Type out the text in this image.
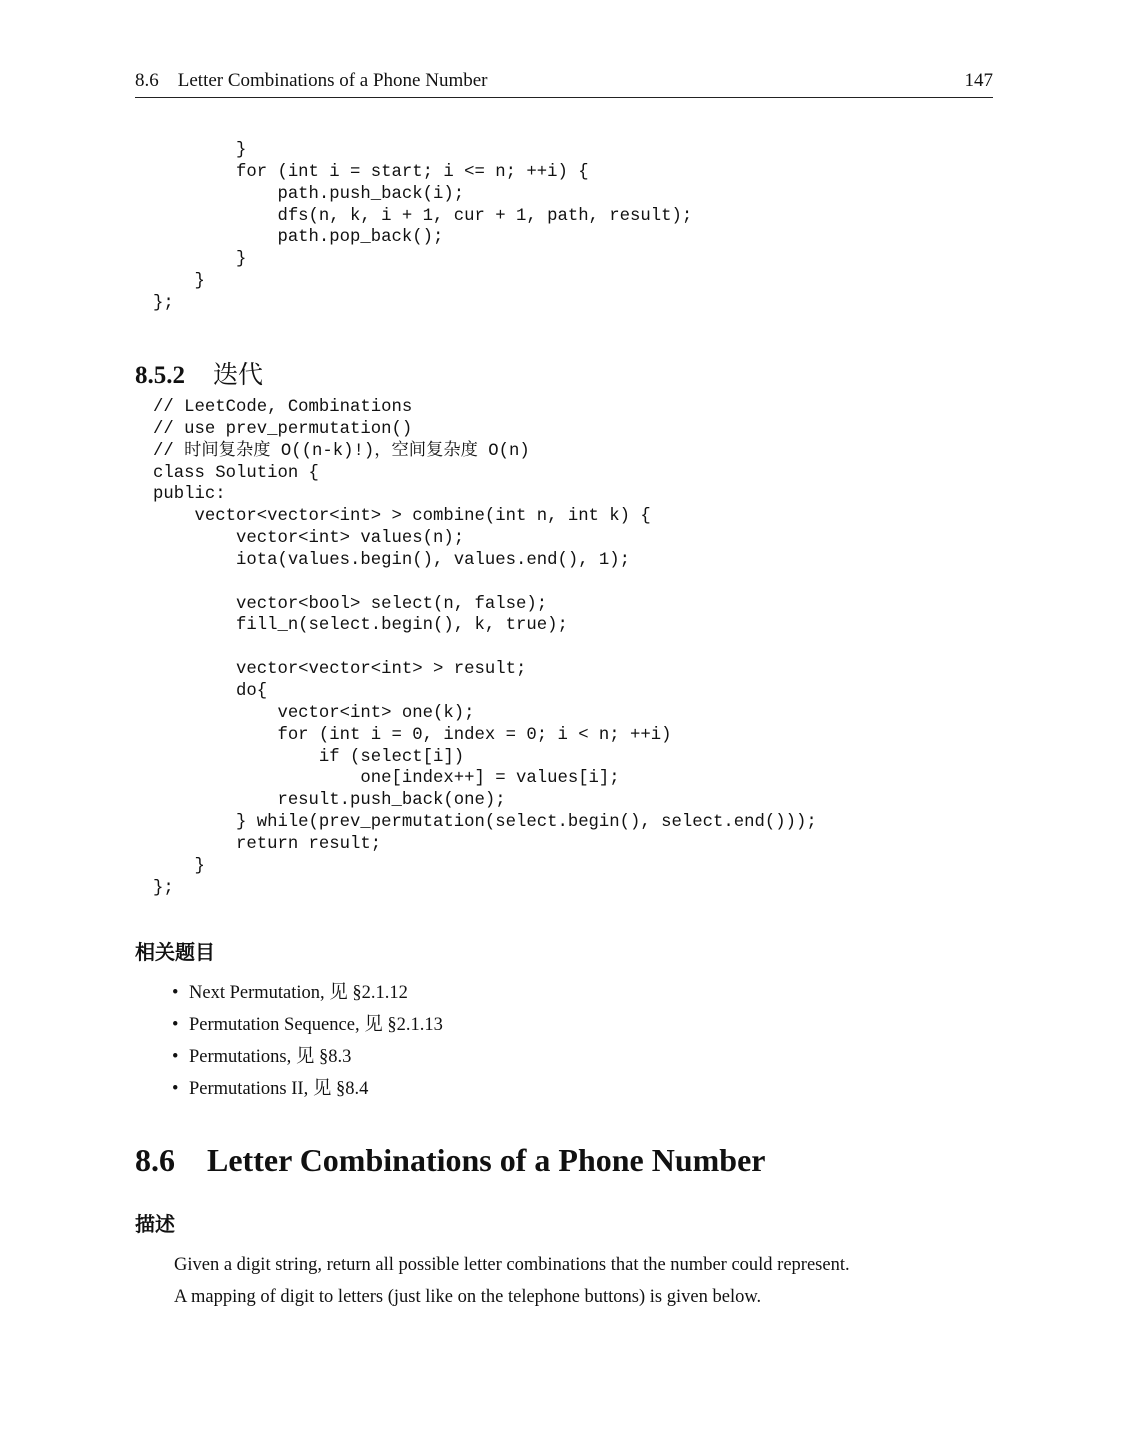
8.6    Letter Combinations of a Phone Number	147
}
for (int i = start; i <= n; ++i) {
path.push_back(i);
dfs(n, k, i + 1, cur + 1, path, result);
path.pop_back();
}
}
};
8.5.2 迭代
// LeetCode, Combinations
// use prev_permutation()
// 时间复杂度 O((n-k)!)，空间复杂度 O(n)
class Solution {
public:
vector<vector<int> > combine(int n, int k) {
vector<int> values(n);
iota(values.begin(), values.end(), 1);
vector<bool> select(n, false);
fill_n(select.begin(), k, true);
vector<vector<int> > result;
do{
vector<int> one(k);
for (int i = 0, index = 0; i < n; ++i)
if (select[i])
one[index++] = values[i];
result.push_back(one);
} while(prev_permutation(select.begin(), select.end()));
return result;
}
};
相关题目
• Next Permutation, 见 §2.1.12
• Permutation Sequence, 见 §2.1.13
• Permutations, 见 §8.3
• Permutations II, 见 §8.4
8.6 Letter Combinations of a Phone Number
描述
Given a digit string, return all possible letter combinations that the number could represent.
A mapping of digit to letters (just like on the telephone buttons) is given below.
